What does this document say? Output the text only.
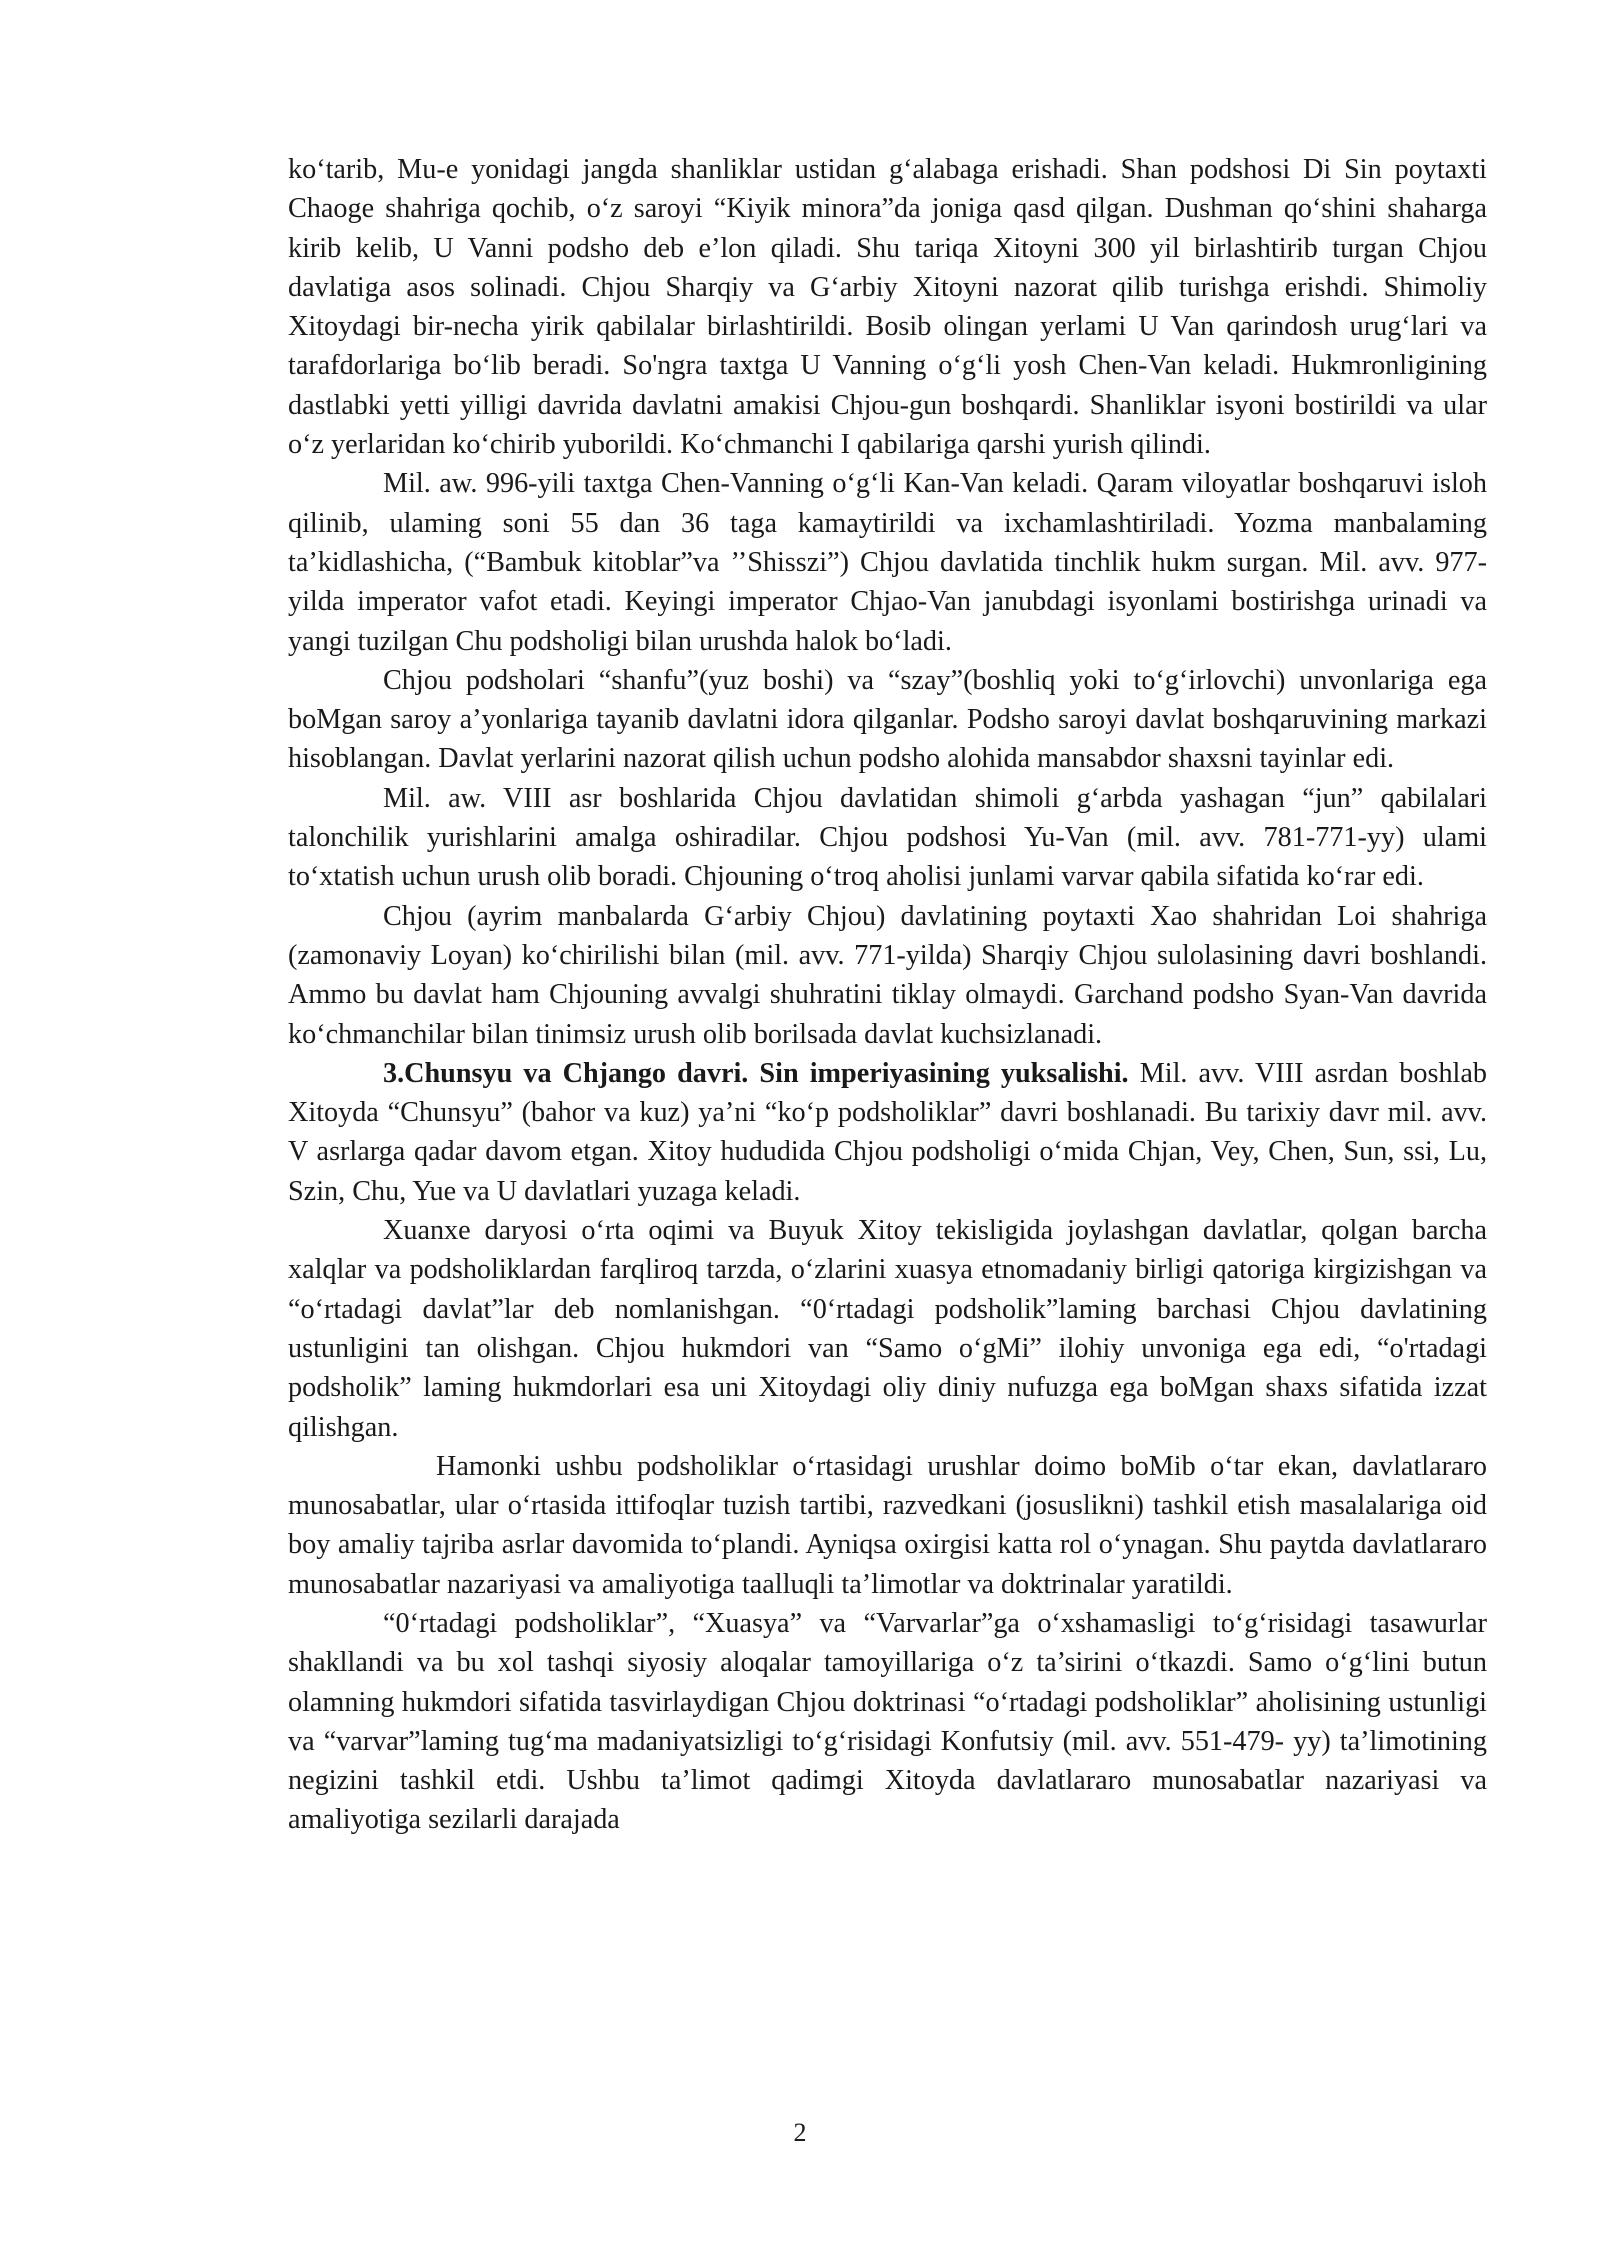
ko‘tarib, Mu-e yonidagi jangda shanliklar ustidan g‘alabaga erishadi. Shan podshosi Di Sin poytaxti Chaoge shahriga qochib, o‘z saroyi “Kiyik minora”da joniga qasd qilgan. Dushman qo‘shini shaharga kirib kelib, U Vanni podsho deb e’lon qiladi. Shu tariqa Xitoyni 300 yil birlashtirib turgan Chjou davlatiga asos solinadi. Chjou Sharqiy va G‘arbiy Xitoyni nazorat qilib turishga erishdi. Shimoliy Xitoydagi bir-necha yirik qabilalar birlashtirildi. Bosib olingan yerlami U Van qarindosh urug‘lari va tarafdorlariga bo‘lib beradi. So'ngra taxtga U Vanning o‘g‘li yosh Chen-Van keladi. Hukmronligining dastlabki yetti yilligi davrida davlatni amakisi Chjou-gun boshqardi. Shanliklar isyoni bostirildi va ular o‘z yerlaridan ko‘chirib yuborildi. Ko‘chmanchi I qabilariga qarshi yurish qilindi.

Mil. aw. 996-yili taxtga Chen-Vanning o‘g‘li Kan-Van keladi. Qaram viloyatlar boshqaruvi isloh qilinib, ulaming soni 55 dan 36 taga kamaytirildi va ixchamlashtiriladi. Yozma manbalaming ta’kidlashicha, (“Bambuk kitoblar”va ’’Shisszi”) Chjou davlatida tinchlik hukm surgan. Mil. avv. 977-yilda imperator vafot etadi. Keyingi imperator Chjao-Van janubdagi isyonlami bostirishga urinadi va yangi tuzilgan Chu podsholigi bilan urushda halok bo‘ladi.

Chjou podsholari “shanfu”(yuz boshi) va “szay”(boshliq yoki to‘g‘irlovchi) unvonlariga ega boMgan saroy a’yonlariga tayanib davlatni idora qilganlar. Podsho saroyi davlat boshqaruvining markazi hisoblangan. Davlat yerlarini nazorat qilish uchun podsho alohida mansabdor shaxsni tayinlar edi.

Mil. aw. VIII asr boshlarida Chjou davlatidan shimoli g‘arbda yashagan “jun” qabilalari talonchilik yurishlarini amalga oshiradilar. Chjou podshosi Yu-Van (mil. avv. 781-771-yy) ulami to‘xtatish uchun urush olib boradi. Chjouning o‘troq aholisi junlami varvar qabila sifatida ko‘rar edi.

Chjou (ayrim manbalarda G‘arbiy Chjou) davlatining poytaxti Xao shahridan Loi shahriga (zamonaviy Loyan) ko‘chirilishi bilan (mil. avv. 771-yilda) Sharqiy Chjou sulolasining davri boshlandi. Ammo bu davlat ham Chjouning avvalgi shuhratini tiklay olmaydi. Garchand podsho Syan-Van davrida ko‘chmanchilar bilan tinimsiz urush olib borilsada davlat kuchsizlanadi.

3.Chunsyu va Chjango davri. Sin imperiyasining yuksalishi. Mil. avv. VIII asrdan boshlab Xitoyda “Chunsyu” (bahor va kuz) ya’ni “ko‘p podsholiklar” davri boshlanadi. Bu tarixiy davr mil. avv. V asrlarga qadar davom etgan. Xitoy hududida Chjou podsholigi o‘mida Chjan, Vey, Chen, Sun, ssi, Lu, Szin, Chu, Yue va U davlatlari yuzaga keladi.

Xuanxe daryosi o‘rta oqimi va Buyuk Xitoy tekisligida joylashgan davlatlar, qolgan barcha xalqlar va podsholiklardan farqliroq tarzda, o‘zlarini xuasya etnomadaniy birligi qatoriga kirgizishgan va “o‘rtadagi davlat”lar deb nomlanishgan. “0‘rtadagi podsholik”laming barchasi Chjou davlatining ustunligini tan olishgan. Chjou hukmdori van “Samo o‘gMi” ilohiy unvoniga ega edi, “o'rtadagi podsholik” laming hukmdorlari esa uni Xitoydagi oliy diniy nufuzga ega boMgan shaxs sifatida izzat qilishgan.

Hamonki ushbu podsholiklar o‘rtasidagi urushlar doimo boMib o‘tar ekan, davlatlararo munosabatlar, ular o‘rtasida ittifoqlar tuzish tartibi, razvedkani (josuslikni) tashkil etish masalalariga oid boy amaliy tajriba asrlar davomida to‘plandi. Ayniqsa oxirgisi katta rol o‘ynagan. Shu paytda davlatlararo munosabatlar nazariyasi va amaliyotiga taalluqli ta’limotlar va doktrinalar yaratildi.

“0‘rtadagi podsholiklar”, “Xuasya” va “Varvarlar”ga o‘xshamasligi to‘g‘risidagi tasawurlar shakllandi va bu xol tashqi siyosiy aloqalar tamoyillariga o‘z ta’sirini o‘tkazdi. Samo o‘g‘lini butun olamning hukmdori sifatida tasvirlaydigan Chjou doktrinasi “o‘rtadagi podsholiklar” aholisining ustunligi va “varvar”laming tug‘ma madaniyatsizligi to‘g‘risidagi Konfutsiy (mil. avv. 551-479- yy) ta’limotining negizini tashkil etdi. Ushbu ta’limot qadimgi Xitoyda davlatlararo munosabatlar nazariyasi va amaliyotiga sezilarli darajada

2
